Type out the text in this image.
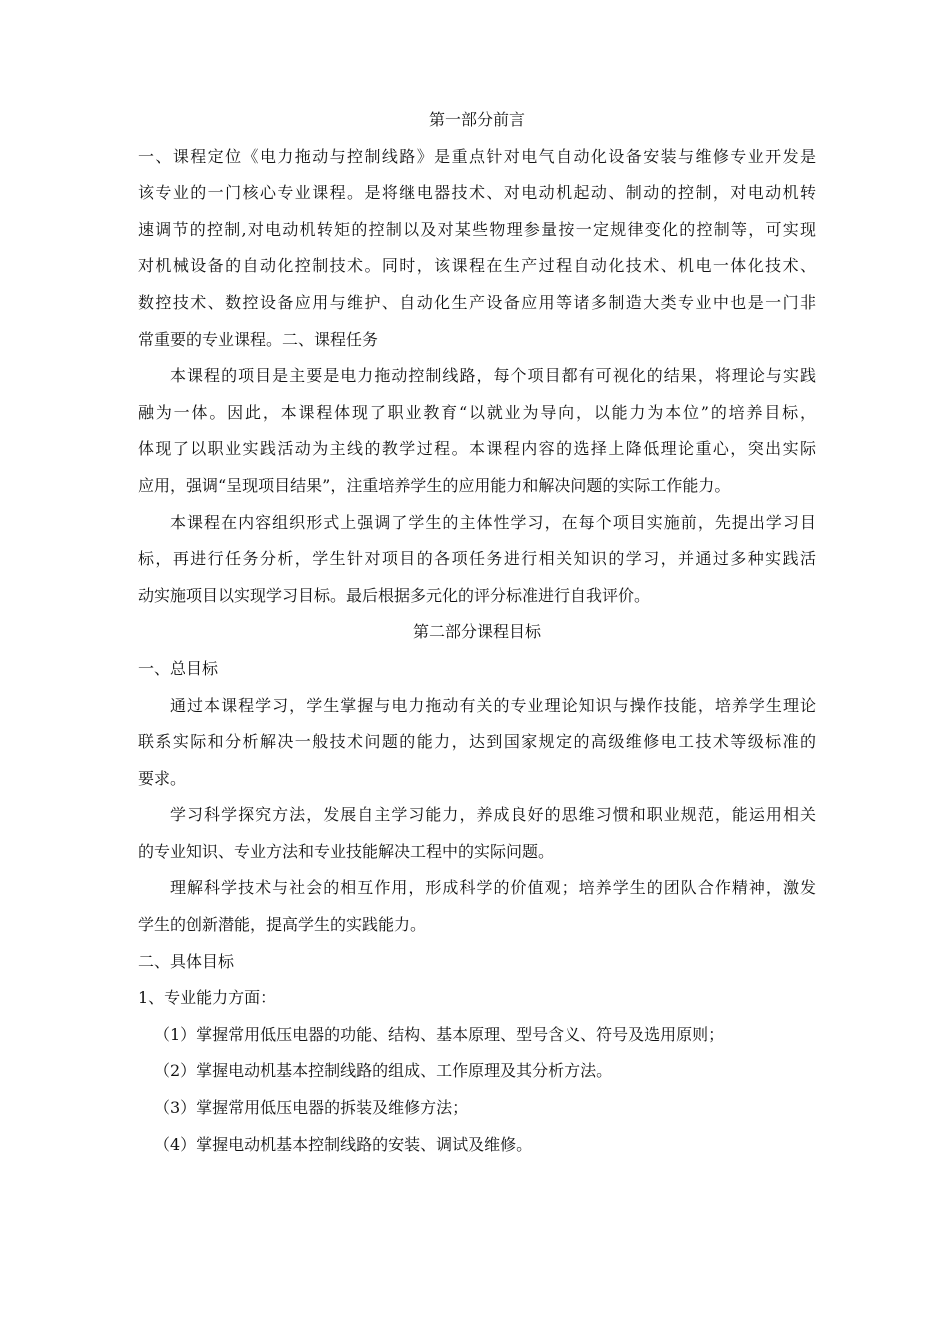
第一部分前言
一、课程定位《电力拖动与控制线路》是重点针对电气自动化设备安装与维修专业开发是
该专业的一门核心专业课程。是将继电器技术、对电动机起动、制动的控制，对电动机转
速调节的控制,对电动机转矩的控制以及对某些物理参量按一定规律变化的控制等，可实现
对机械设备的自动化控制技术。同时，该课程在生产过程自动化技术、机电一体化技术、
数控技术、数控设备应用与维护、自动化生产设备应用等诸多制造大类专业中也是一门非
常重要的专业课程。二、课程任务
本课程的项目是主要是电力拖动控制线路，每个项目都有可视化的结果，将理论与实践
融为一体。因此，本课程体现了职业教育“以就业为导向，以能力为本位”的培养目标，
体现了以职业实践活动为主线的教学过程。本课程内容的选择上降低理论重心，突出实际
应用，强调“呈现项目结果”，注重培养学生的应用能力和解决问题的实际工作能力。
本课程在内容组织形式上强调了学生的主体性学习，在每个项目实施前，先提出学习目
标，再进行任务分析，学生针对项目的各项任务进行相关知识的学习，并通过多种实践活
动实施项目以实现学习目标。最后根据多元化的评分标准进行自我评价。
第二部分课程目标
一、总目标
通过本课程学习，学生掌握与电力拖动有关的专业理论知识与操作技能，培养学生理论
联系实际和分析解决一般技术问题的能力，达到国家规定的高级维修电工技术等级标准的
要求。
学习科学探究方法，发展自主学习能力，养成良好的思维习惯和职业规范，能运用相关
的专业知识、专业方法和专业技能解决工程中的实际问题。
理解科学技术与社会的相互作用，形成科学的价值观；培养学生的团队合作精神，激发
学生的创新潜能，提高学生的实践能力。
二、具体目标
1、专业能力方面：
（1）掌握常用低压电器的功能、结构、基本原理、型号含义、符号及选用原则；
（2）掌握电动机基本控制线路的组成、工作原理及其分析方法。
（3）掌握常用低压电器的拆装及维修方法；
（4）掌握电动机基本控制线路的安装、调试及维修。
